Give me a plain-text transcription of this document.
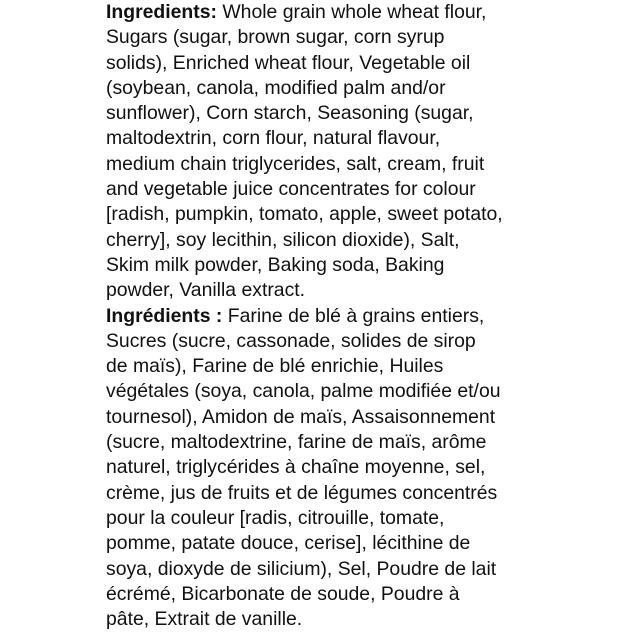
Ingredients: Whole grain whole wheat flour,
Sugars (sugar, brown sugar, corn syrup
solids), Enriched wheat flour, Vegetable oil
(soybean, canola, modified palm and/or
sunflower), Corn starch, Seasoning (sugar,
maltodextrin, corn flour, natural flavour,
medium chain triglycerides, salt, cream, fruit
and vegetable juice concentrates for colour
[radish, pumpkin, tomato, apple, sweet potato,
cherry], soy lecithin, silicon dioxide), Salt,
Skim milk powder, Baking soda, Baking
powder, Vanilla extract.
Ingrédients : Farine de blé à grains entiers,
Sucres (sucre, cassonade, solides de sirop
de maïs), Farine de blé enrichie, Huiles
végétales (soya, canola, palme modifiée et/ou
tournesol), Amidon de maïs, Assaisonnement
(sucre, maltodextrine, farine de maïs, arôme
naturel, triglycérides à chaîne moyenne, sel,
crème, jus de fruits et de légumes concentrés
pour la couleur [radis, citrouille, tomate,
pomme, patate douce, cerise], lécithine de
soya, dioxyde de silicium), Sel, Poudre de lait
écrémé, Bicarbonate de soude, Poudre à
pâte, Extrait de vanille.
